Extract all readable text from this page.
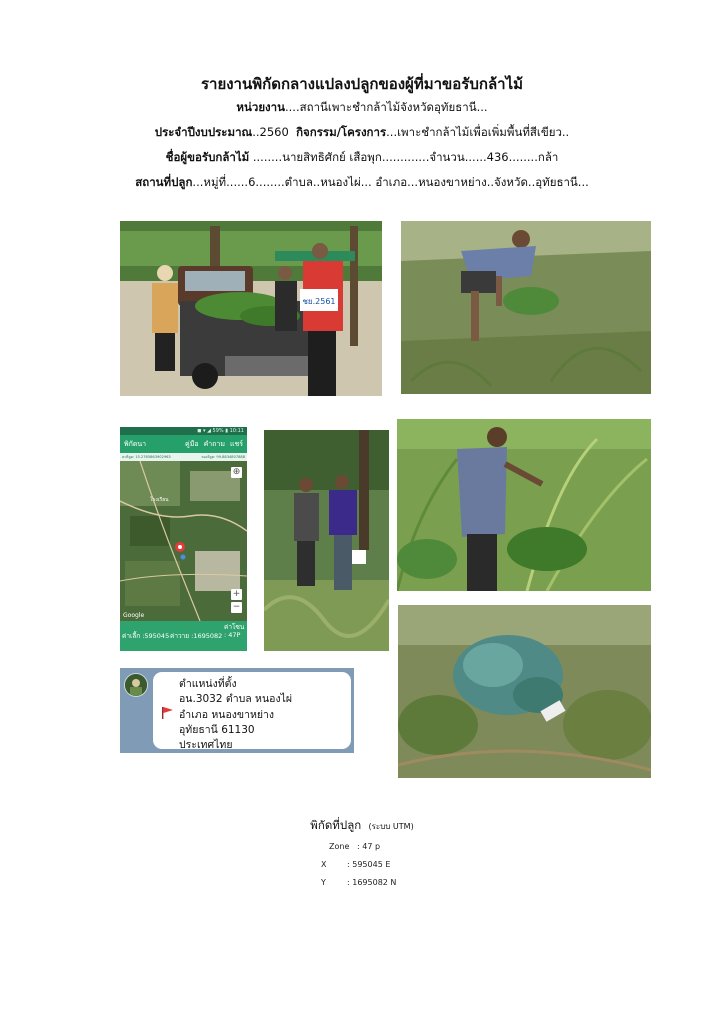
รายงานพิกัดกลางแปลงปลูกของผู้ที่มาขอรับกล้าไม้
หน่วยงาน....สถานีเพาะชำกล้าไม้จังหวัดอุทัยธานี...
ประจำปีงบประมาณ..2560 กิจกรรม/โครงการ...เพาะชำกล้าไม้เพื่อเพิ่มพื้นที่สีเขียว..
ชื่อผู้ขอรับกล้าไม้ ........นายสิทธิศักย์ เสือพุก.............จำนวน......436........กล้า
สถานที่ปลูก...หมู่ที่......6........ตำบล..หนองไผ่... อำเภอ...หนองขาหย่าง..จังหวัด..อุทัยธานี...
ชย.2561
◼ ▾ ◢ 59% ▮ 10:11
พิกัดนา	คู่มือ คำถาม แชร์
ละติจูด: 15.2765863902963	ลองจิจูด: 99.8834807888
โรงเรียน
Google
⊕
+
−
ค่าเลี้ก :595045 ค่าวาย :1695082
ค่าโซน : 47P
ตำแหน่งที่ตั้ง
อน.3032 ตำบล หนองไผ่
อำเภอ หนองขาหย่าง
อุทัยธานี 61130
ประเทศไทย	09:30
พิกัดที่ปลูก (ระบบ UTM)
Zone : 47 p
X	: 595045 E
Y	: 1695082 N
